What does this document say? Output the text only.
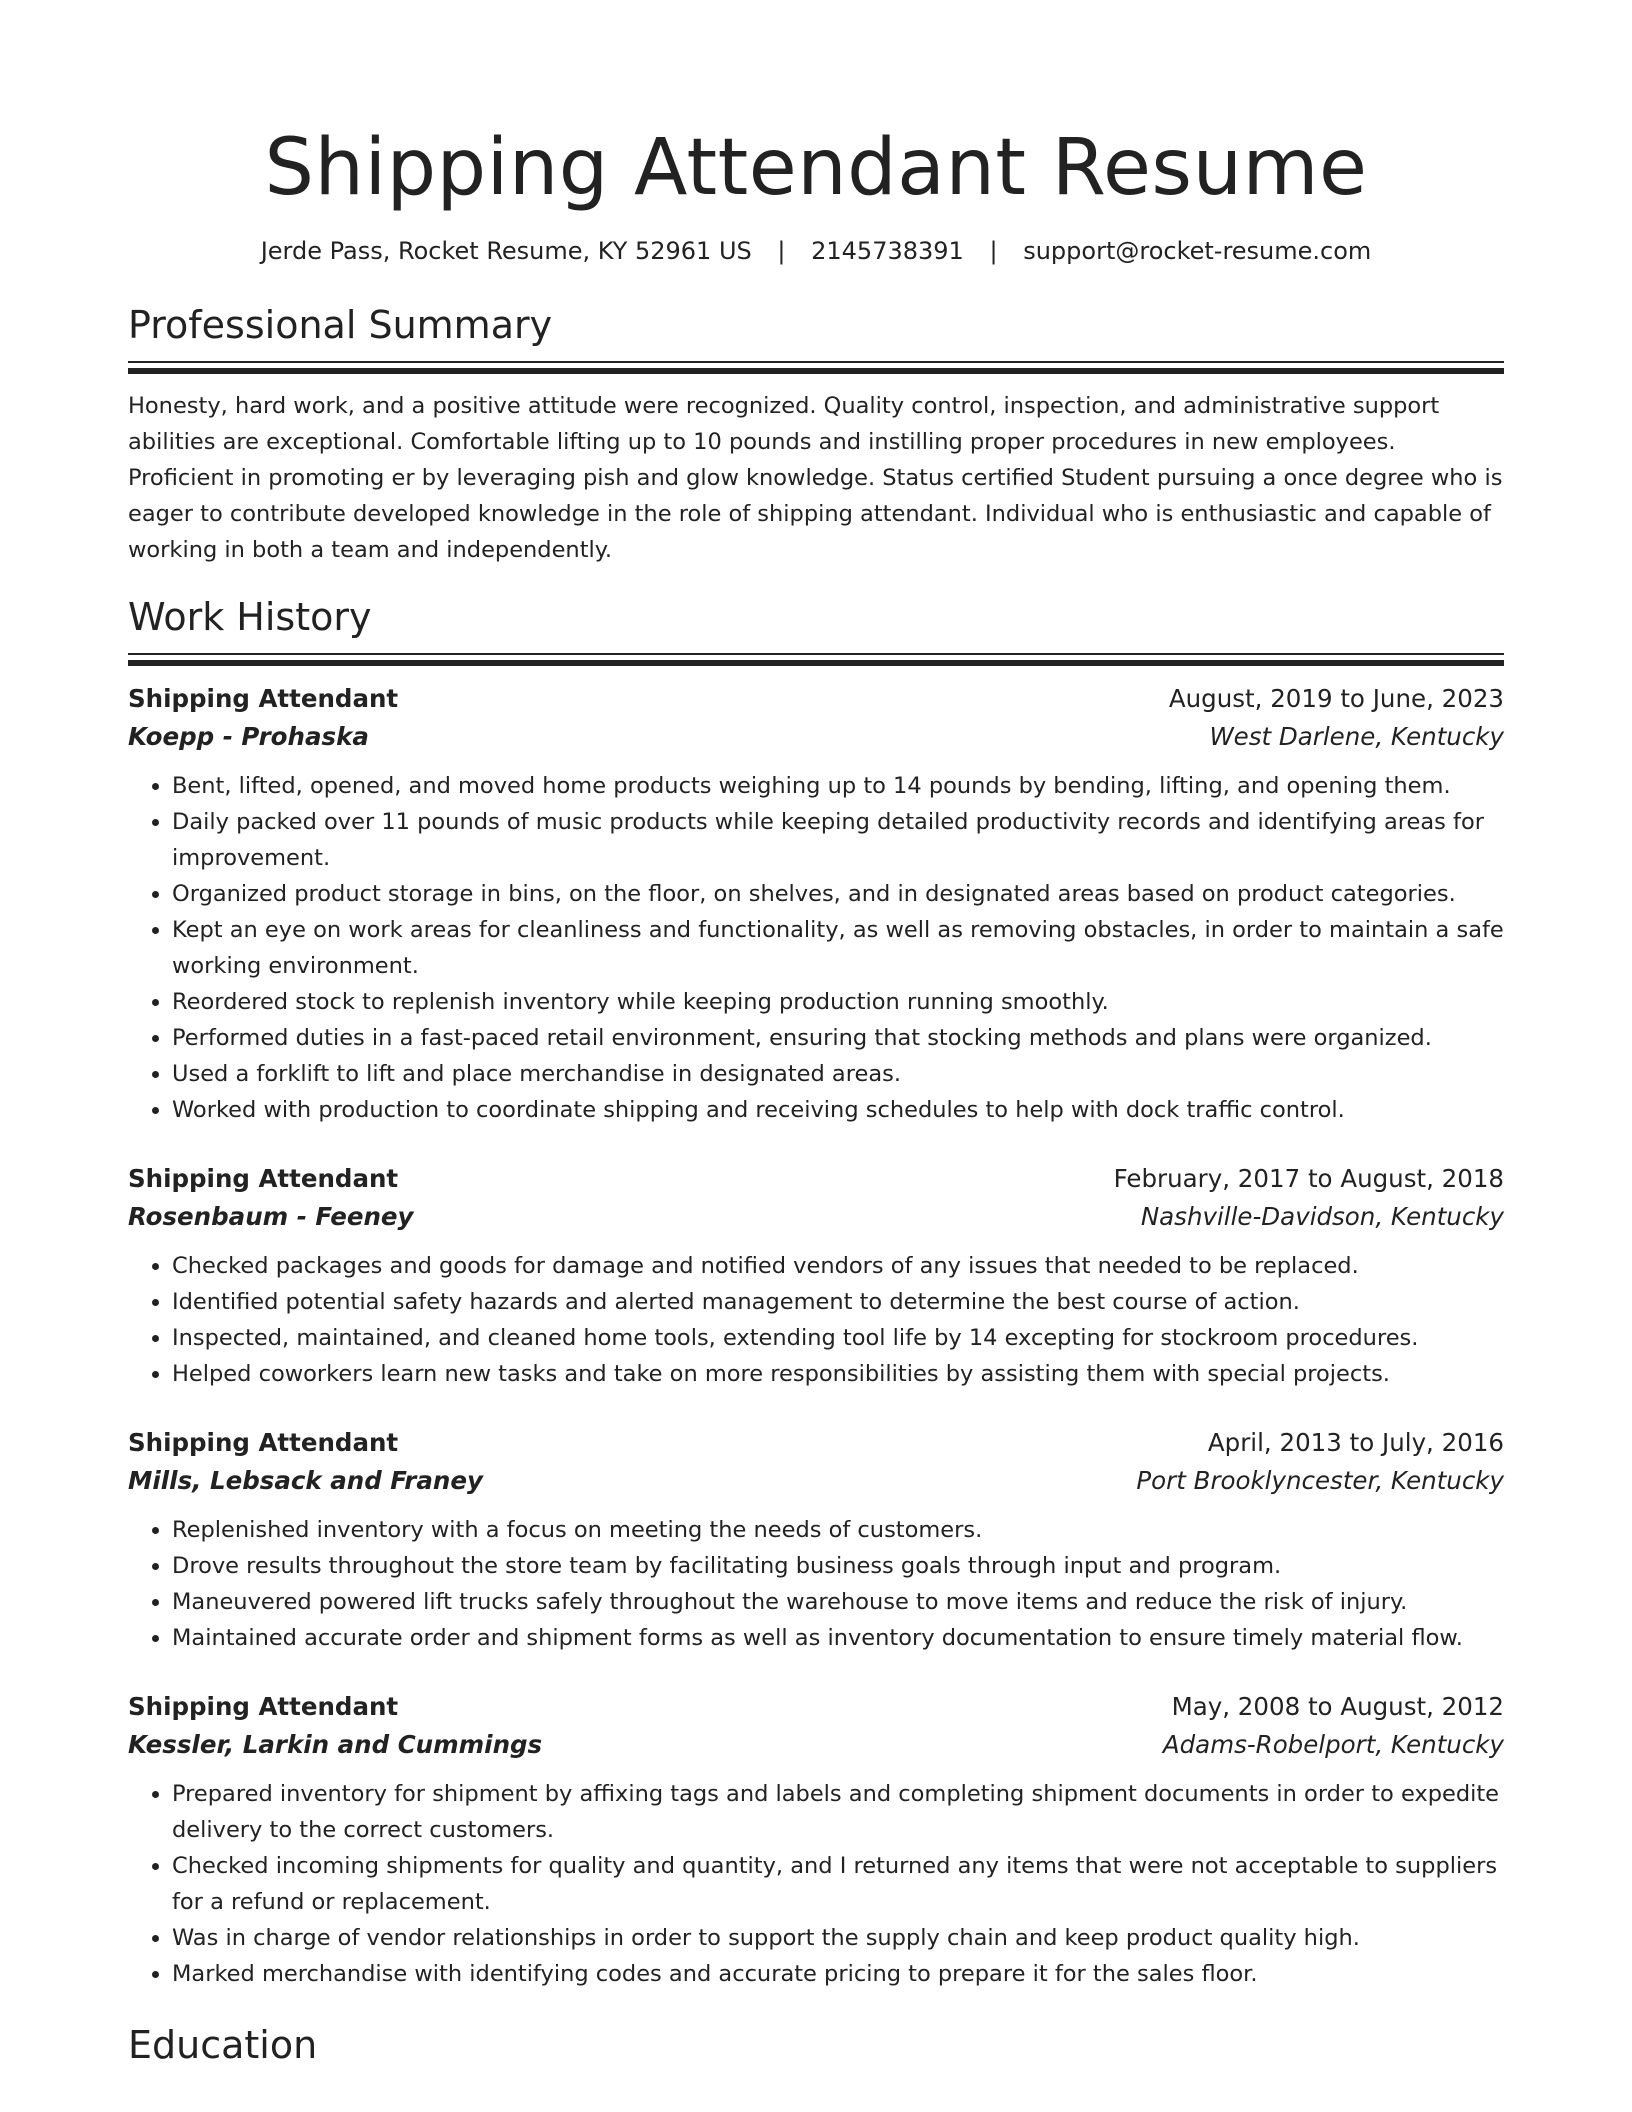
Shipping Attendant Resume
Jerde Pass, Rocket Resume, KY 52961 US | 2145738391 | support@rocket-resume.com
Professional Summary

Honesty, hard work, and a positive attitude were recognized. Quality control, inspection, and administrative support abilities are exceptional. Comfortable lifting up to 10 pounds and instilling proper procedures in new employees. Proficient in promoting er by leveraging pish and glow knowledge. Status certified Student pursuing a once degree who is eager to contribute developed knowledge in the role of shipping attendant. Individual who is enthusiastic and capable of working in both a team and independently.

Work History
Shipping Attendant	August, 2019 to June, 2023
Koepp - Prohaska	West Darlene, Kentucky
• Bent, lifted, opened, and moved home products weighing up to 14 pounds by bending, lifting, and opening them.
• Daily packed over 11 pounds of music products while keeping detailed productivity records and identifying areas for improvement.
• Organized product storage in bins, on the floor, on shelves, and in designated areas based on product categories.
• Kept an eye on work areas for cleanliness and functionality, as well as removing obstacles, in order to maintain a safe working environment.
• Reordered stock to replenish inventory while keeping production running smoothly.
• Performed duties in a fast-paced retail environment, ensuring that stocking methods and plans were organized.
• Used a forklift to lift and place merchandise in designated areas.
• Worked with production to coordinate shipping and receiving schedules to help with dock traffic control.
Shipping Attendant	February, 2017 to August, 2018
Rosenbaum - Feeney	Nashville-Davidson, Kentucky
• Checked packages and goods for damage and notified vendors of any issues that needed to be replaced.
• Identified potential safety hazards and alerted management to determine the best course of action.
• Inspected, maintained, and cleaned home tools, extending tool life by 14 excepting for stockroom procedures.
• Helped coworkers learn new tasks and take on more responsibilities by assisting them with special projects.
Shipping Attendant	April, 2013 to July, 2016
Mills, Lebsack and Franey	Port Brooklyncester, Kentucky
• Replenished inventory with a focus on meeting the needs of customers.
• Drove results throughout the store team by facilitating business goals through input and program.
• Maneuvered powered lift trucks safely throughout the warehouse to move items and reduce the risk of injury.
• Maintained accurate order and shipment forms as well as inventory documentation to ensure timely material flow.
Shipping Attendant	May, 2008 to August, 2012
Kessler, Larkin and Cummings	Adams-Robelport, Kentucky
• Prepared inventory for shipment by affixing tags and labels and completing shipment documents in order to expedite delivery to the correct customers.
• Checked incoming shipments for quality and quantity, and I returned any items that were not acceptable to suppliers for a refund or replacement.
• Was in charge of vendor relationships in order to support the supply chain and keep product quality high.
• Marked merchandise with identifying codes and accurate pricing to prepare it for the sales floor.
Education
